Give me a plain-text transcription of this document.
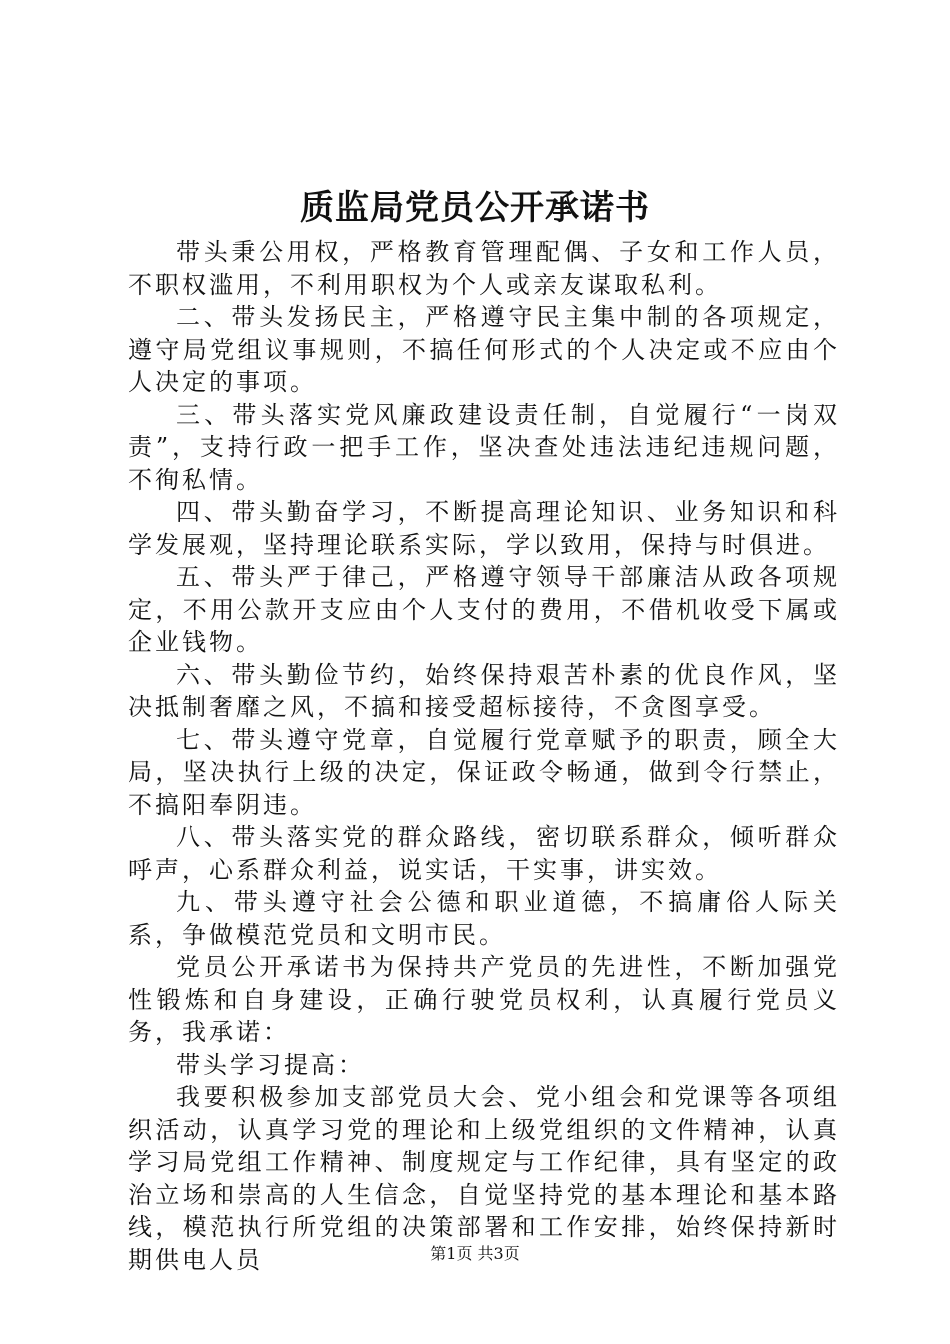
质监局党员公开承诺书

带头秉公用权，严格教育管理配偶、子女和工作人员，不职权滥用，不利用职权为个人或亲友谋取私利。

二、带头发扬民主，严格遵守民主集中制的各项规定，遵守局党组议事规则，不搞任何形式的个人决定或不应由个人决定的事项。

三、带头落实党风廉政建设责任制，自觉履行“一岗双责”，支持行政一把手工作，坚决查处违法违纪违规问题，不徇私情。

四、带头勤奋学习，不断提高理论知识、业务知识和科学发展观，坚持理论联系实际，学以致用，保持与时俱进。

五、带头严于律己，严格遵守领导干部廉洁从政各项规定，不用公款开支应由个人支付的费用，不借机收受下属或企业钱物。

六、带头勤俭节约，始终保持艰苦朴素的优良作风，坚决抵制奢靡之风，不搞和接受超标接待，不贪图享受。

七、带头遵守党章，自觉履行党章赋予的职责，顾全大局，坚决执行上级的决定，保证政令畅通，做到令行禁止，不搞阳奉阴违。

八、带头落实党的群众路线，密切联系群众，倾听群众呼声，心系群众利益，说实话，干实事，讲实效。

九、带头遵守社会公德和职业道德，不搞庸俗人际关系，争做模范党员和文明市民。

党员公开承诺书为保持共产党员的先进性，不断加强党性锻炼和自身建设，正确行驶党员权利，认真履行党员义务，我承诺：

带头学习提高：

我要积极参加支部党员大会、党小组会和党课等各项组织活动，认真学习党的理论和上级党组织的文件精神，认真学习局党组工作精神、制度规定与工作纪律，具有坚定的政治立场和崇高的人生信念，自觉坚持党的基本理论和基本路线，模范执行所党组的决策部署和工作安排，始终保持新时期供电人员	第1页 共3页
